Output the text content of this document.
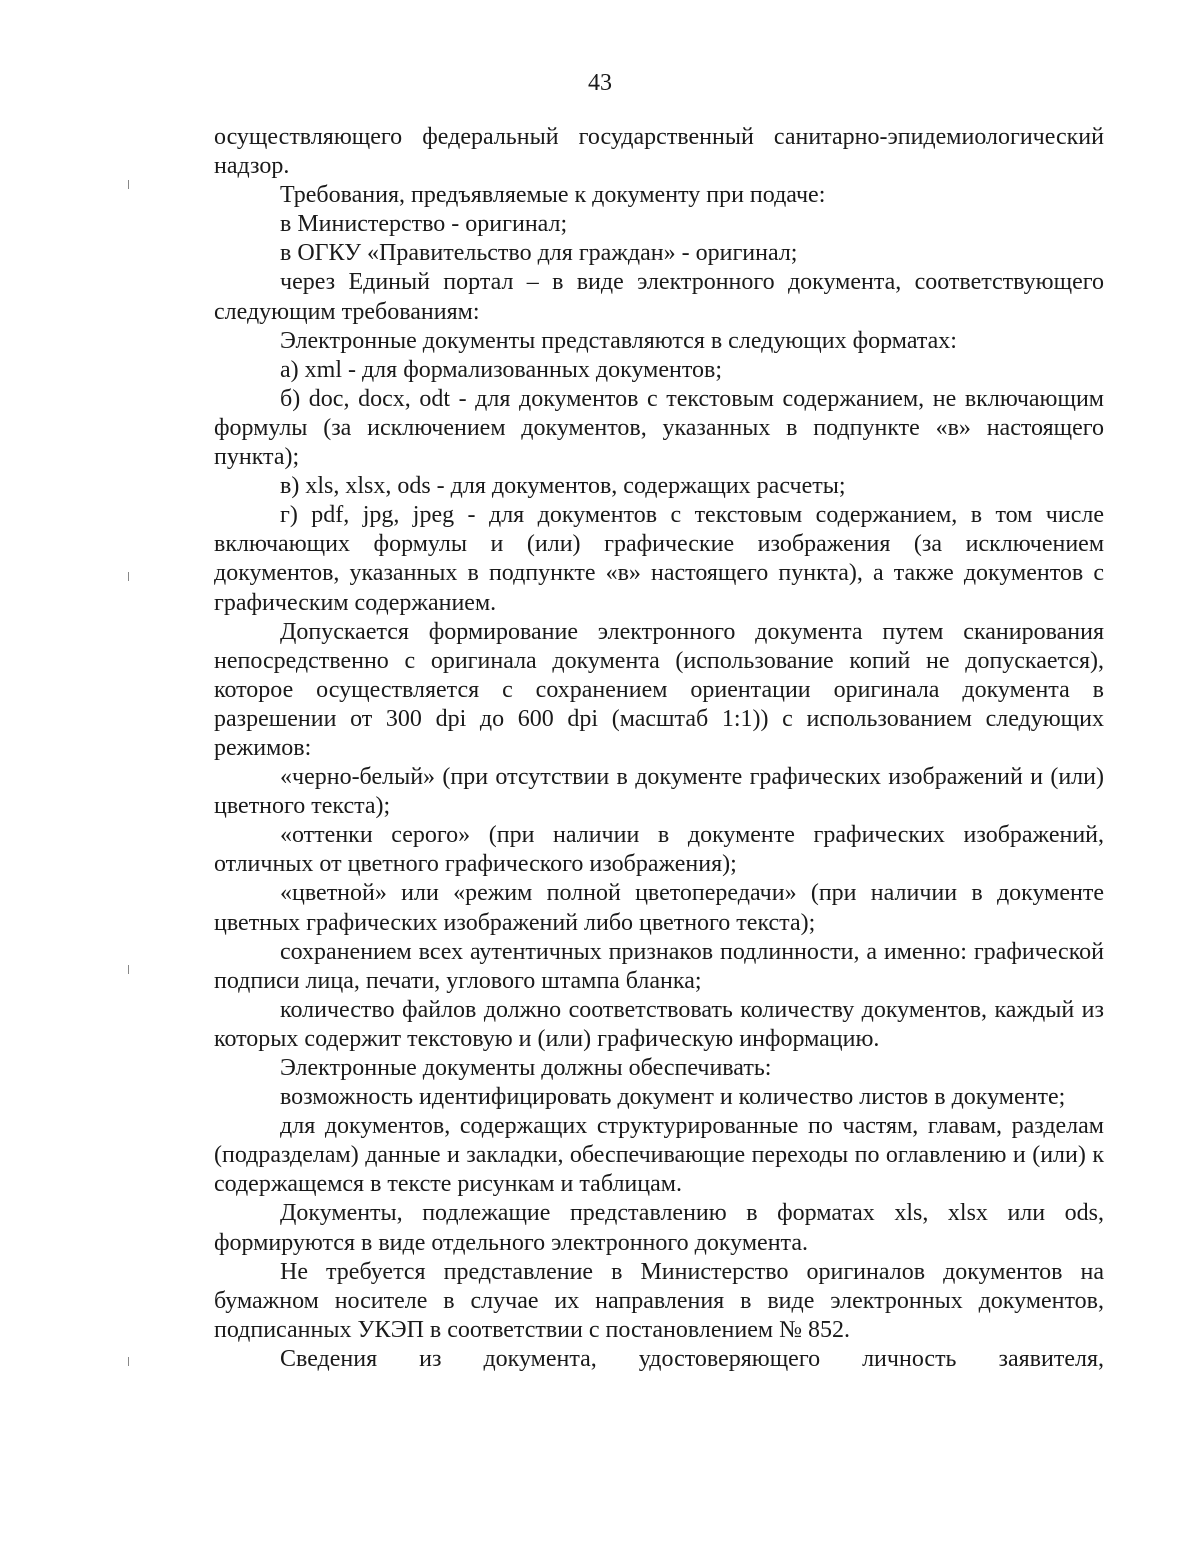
43

осуществляющего федеральный государственный санитарно-эпидемиологический надзор.

Требования, предъявляемые к документу при подаче:

в Министерство - оригинал;

в ОГКУ «Правительство для граждан» - оригинал;

через Единый портал – в виде электронного документа, соответствующего следующим требованиям:

Электронные документы представляются в следующих форматах:

а) xml - для формализованных документов;

б) doc, docx, odt - для документов с текстовым содержанием, не включающим формулы (за исключением документов, указанных в подпункте «в» настоящего пункта);

в) xls, xlsx, ods - для документов, содержащих расчеты;

г) pdf, jpg, jpeg - для документов с текстовым содержанием, в том числе включающих формулы и (или) графические изображения (за исключением документов, указанных в подпункте «в» настоящего пункта), а также документов с графическим содержанием.

Допускается формирование электронного документа путем сканирования непосредственно с оригинала документа (использование копий не допускается), которое осуществляется с сохранением ориентации оригинала документа в разрешении от 300 dpi до 600 dpi (масштаб 1:1)) с использованием следующих режимов:

«черно-белый» (при отсутствии в документе графических изображений и (или) цветного текста);

«оттенки серого» (при наличии в документе графических изображений, отличных от цветного графического изображения);

«цветной» или «режим полной цветопередачи» (при наличии в документе цветных графических изображений либо цветного текста);

сохранением всех аутентичных признаков подлинности, а именно: графической подписи лица, печати, углового штампа бланка;

количество файлов должно соответствовать количеству документов, каждый из которых содержит текстовую и (или) графическую информацию.

Электронные документы должны обеспечивать:

возможность идентифицировать документ и количество листов в документе;

для документов, содержащих структурированные по частям, главам, разделам (подразделам) данные и закладки, обеспечивающие переходы по оглавлению и (или) к содержащемся в тексте рисункам и таблицам.

Документы, подлежащие представлению в форматах xls, xlsx или ods, формируются в виде отдельного электронного документа.

Не требуется представление в Министерство оригиналов документов на бумажном носителе в случае их направления в виде электронных документов, подписанных УКЭП в соответствии с постановлением № 852.

Сведения из документа, удостоверяющего личность заявителя,
